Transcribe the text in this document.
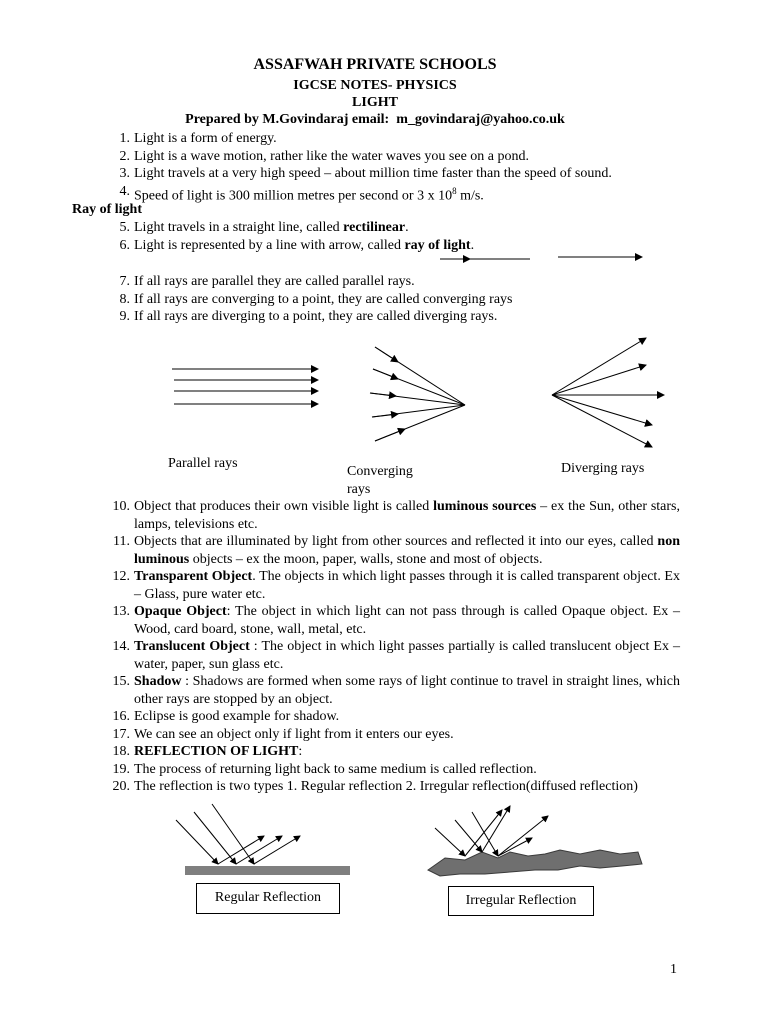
ASSAFWAH PRIVATE SCHOOLS
IGCSE NOTES- PHYSICS
LIGHT
Prepared by M.Govindaraj email: m_govindaraj@yahoo.co.uk
1. Light is a form of energy.
2. Light is a wave motion, rather like the water waves you see on a pond.
3. Light travels at a very high speed – about million time faster than the speed of sound.
4. Speed of light is 300 million metres per second or 3 x $10^8$ m/s.
Ray of light
5. Light travels in a straight line, called rectilinear.
6. Light is represented by a line with arrow, called ray of light.
7. If all rays are parallel they are called parallel rays.
8. If all rays are converging to a point, they are called converging rays
9. If all rays are diverging to a point, they are called diverging rays.
Parallel rays
Converging rays
Diverging rays
10. Object that produces their own visible light is called luminous sources – ex the Sun, other stars, lamps, televisions etc.
11. Objects that are illuminated by light from other sources and reflected it into our eyes, called non luminous objects – ex the moon, paper, walls, stone and most of objects.
12. Transparent Object. The objects in which light passes through it is called transparent object. Ex – Glass, pure water etc.
13. Opaque Object: The object in which light can not pass through is called Opaque object. Ex – Wood, card board, stone, wall, metal, etc.
14. Translucent Object : The object in which light passes partially is called translucent object Ex – water, paper, sun glass etc.
15. Shadow : Shadows are formed when some rays of light continue to travel in straight lines, which other rays are stopped by an object.
16. Eclipse is good example for shadow.
17. We can see an object only if light from it enters our eyes.
18. REFLECTION OF LIGHT:
19. The process of returning light back to same medium is called reflection.
20. The reflection is two types 1. Regular reflection 2. Irregular reflection(diffused reflection)
Regular Reflection	Irregular Reflection
1
